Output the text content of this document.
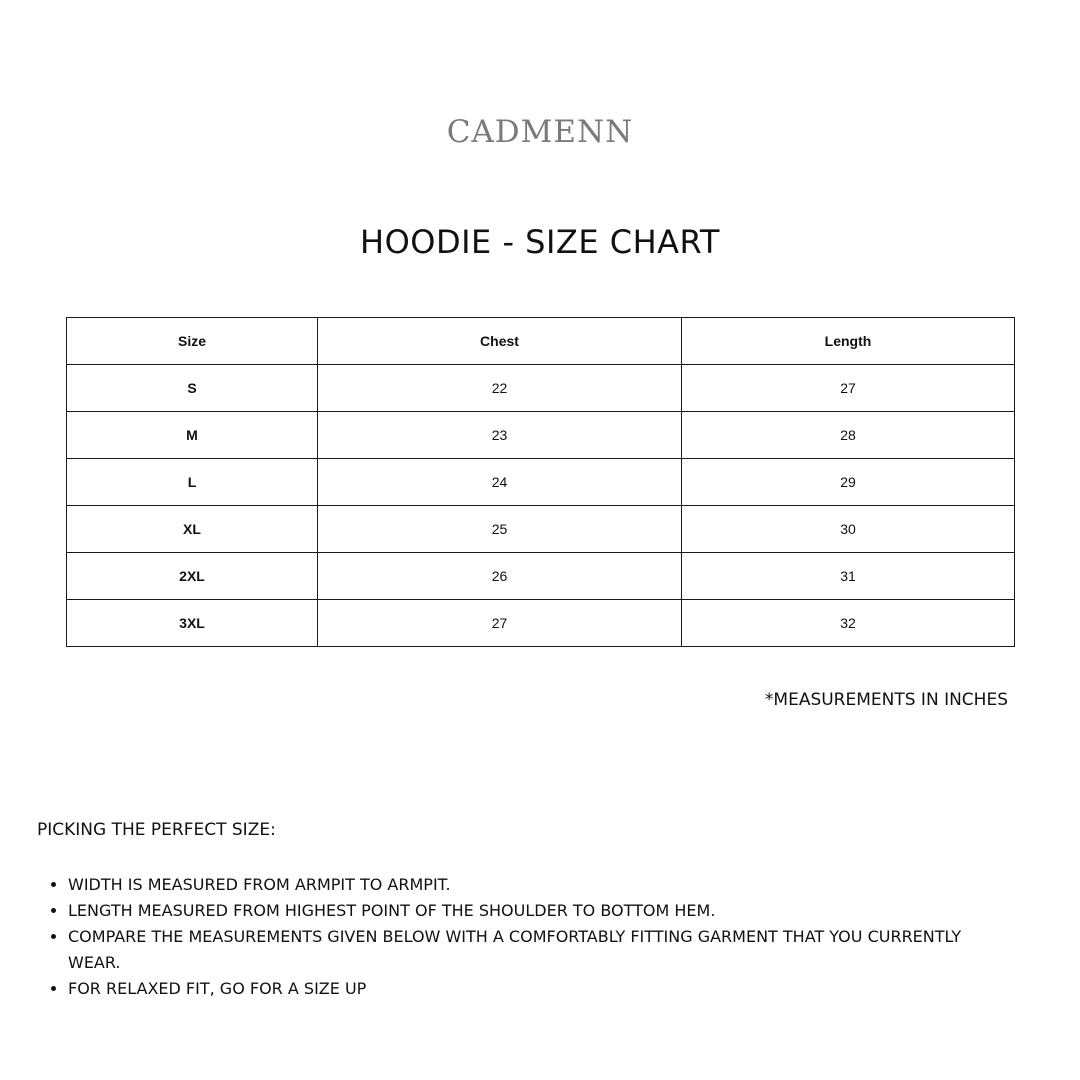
CADMENN
HOODIE - SIZE CHART
Size	Chest	Length
S	22	27
M	23	28
L	24	29
XL	25	30
2XL	26	31
3XL	27	32
*MEASUREMENTS IN INCHES
PICKING THE PERFECT SIZE:
• WIDTH IS MEASURED FROM ARMPIT TO ARMPIT.
• LENGTH MEASURED FROM HIGHEST POINT OF THE SHOULDER TO BOTTOM HEM.
• COMPARE THE MEASUREMENTS GIVEN BELOW WITH A COMFORTABLY FITTING GARMENT THAT YOU CURRENTLY WEAR.
• FOR RELAXED FIT, GO FOR A SIZE UP
